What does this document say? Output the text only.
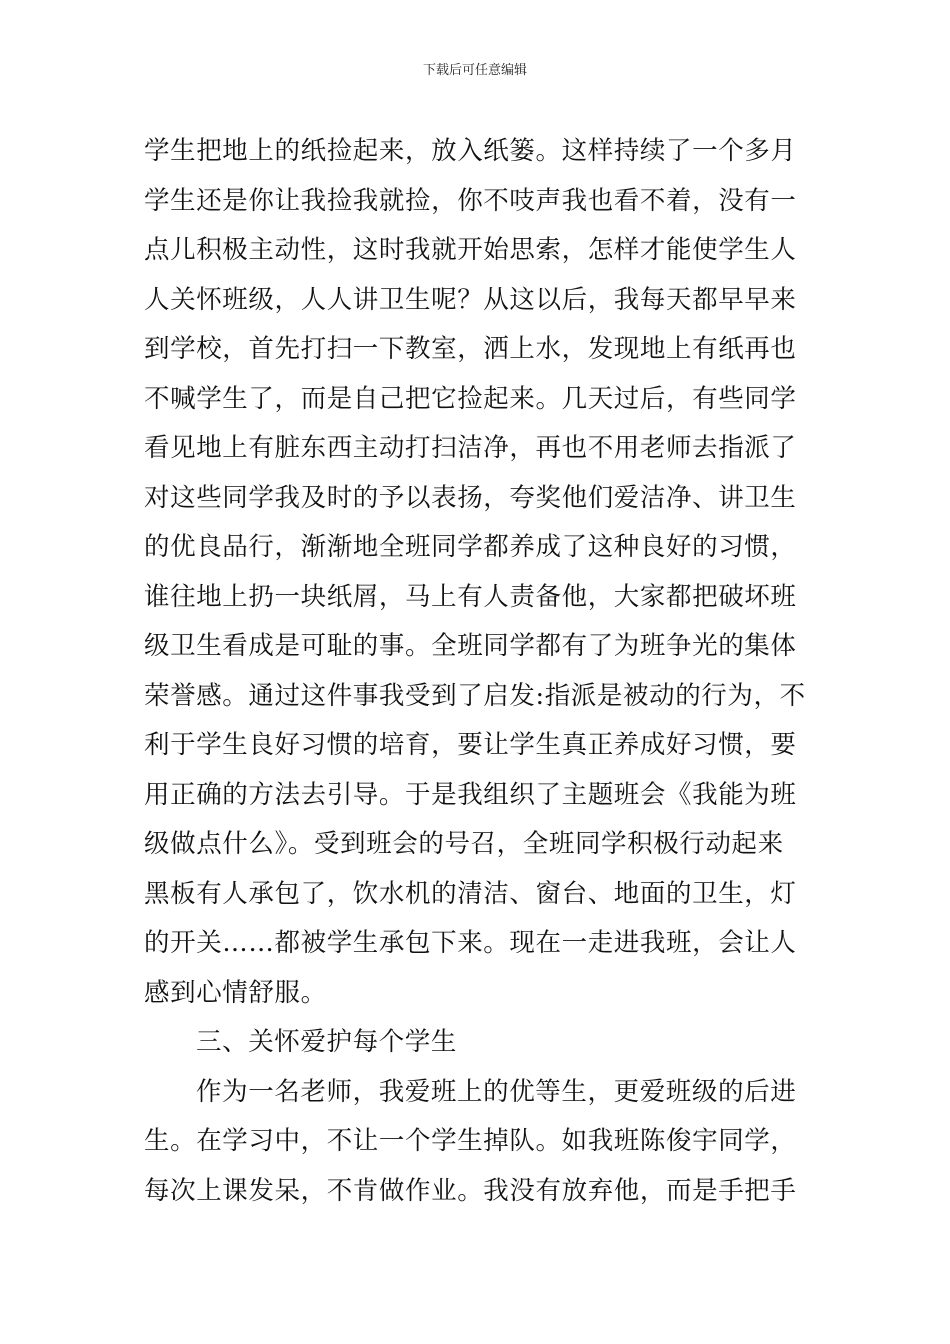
下载后可任意编辑
学生把地上的纸捡起来，放入纸篓。这样持续了一个多月
学生还是你让我捡我就捡，你不吱声我也看不着，没有一
点儿积极主动性，这时我就开始思索，怎样才能使学生人
人关怀班级，人人讲卫生呢？从这以后，我每天都早早来
到学校，首先打扫一下教室，洒上水，发现地上有纸再也
不喊学生了，而是自己把它捡起来。几天过后，有些同学
看见地上有脏东西主动打扫洁净，再也不用老师去指派了
对这些同学我及时的予以表扬，夸奖他们爱洁净、讲卫生
的优良品行，渐渐地全班同学都养成了这种良好的习惯，
谁往地上扔一块纸屑，马上有人责备他，大家都把破坏班
级卫生看成是可耻的事。全班同学都有了为班争光的集体
荣誉感。通过这件事我受到了启发:指派是被动的行为，不
利于学生良好习惯的培育，要让学生真正养成好习惯，要
用正确的方法去引导。于是我组织了主题班会《我能为班
级做点什么》。受到班会的号召，全班同学积极行动起来
黑板有人承包了，饮水机的清洁、窗台、地面的卫生，灯
的开关……都被学生承包下来。现在一走进我班，会让人
感到心情舒服。
三、关怀爱护每个学生
作为一名老师，我爱班上的优等生，更爱班级的后进
生。在学习中，不让一个学生掉队。如我班陈俊宇同学，
每次上课发呆，不肯做作业。我没有放弃他，而是手把手
